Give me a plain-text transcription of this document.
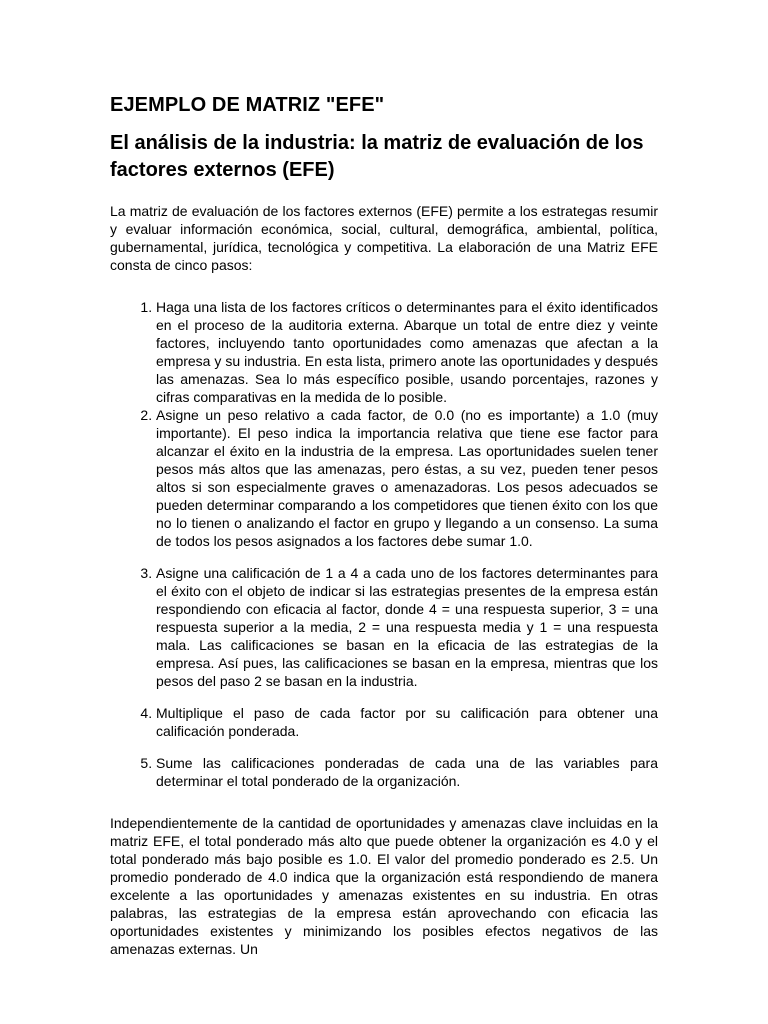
EJEMPLO DE MATRIZ "EFE"
El análisis de la industria: la matriz de evaluación de los factores externos (EFE)

La matriz de evaluación de los factores externos (EFE) permite a los estrategas resumir y evaluar información económica, social, cultural, demográfica, ambiental, política, gubernamental, jurídica, tecnológica y competitiva. La elaboración de una Matriz EFE consta de cinco pasos:

1. Haga una lista de los factores críticos o determinantes para el éxito identificados en el proceso de la auditoria externa. Abarque un total de entre diez y veinte factores, incluyendo tanto oportunidades como amenazas que afectan a la empresa y su industria. En esta lista, primero anote las oportunidades y después las amenazas. Sea lo más específico posible, usando porcentajes, razones y cifras comparativas en la medida de lo posible.
2. Asigne un peso relativo a cada factor, de 0.0 (no es importante) a 1.0 (muy importante). El peso indica la importancia relativa que tiene ese factor para alcanzar el éxito en la industria de la empresa. Las oportunidades suelen tener pesos más altos que las amenazas, pero éstas, a su vez, pueden tener pesos altos si son especialmente graves o amenazadoras. Los pesos adecuados se pueden determinar comparando a los competidores que tienen éxito con los que no lo tienen o analizando el factor en grupo y llegando a un consenso. La suma de todos los pesos asignados a los factores debe sumar 1.0.
3. Asigne una calificación de 1 a 4 a cada uno de los factores determinantes para el éxito con el objeto de indicar si las estrategias presentes de la empresa están respondiendo con eficacia al factor, donde 4 = una respuesta superior, 3 = una respuesta superior a la media, 2 = una respuesta media y 1 = una respuesta mala. Las calificaciones se basan en la eficacia de las estrategias de la empresa. Así pues, las calificaciones se basan en la empresa, mientras que los pesos del paso 2 se basan en la industria.
4. Multiplique el paso de cada factor por su calificación para obtener una calificación ponderada.
5. Sume las calificaciones ponderadas de cada una de las variables para determinar el total ponderado de la organización.

Independientemente de la cantidad de oportunidades y amenazas clave incluidas en la matriz EFE, el total ponderado más alto que puede obtener la organización es 4.0 y el total ponderado más bajo posible es 1.0. El valor del promedio ponderado es 2.5. Un promedio ponderado de 4.0 indica que la organización está respondiendo de manera excelente a las oportunidades y amenazas existentes en su industria. En otras palabras, las estrategias de la empresa están aprovechando con eficacia las oportunidades existentes y minimizando los posibles efectos negativos de las amenazas externas. Un
